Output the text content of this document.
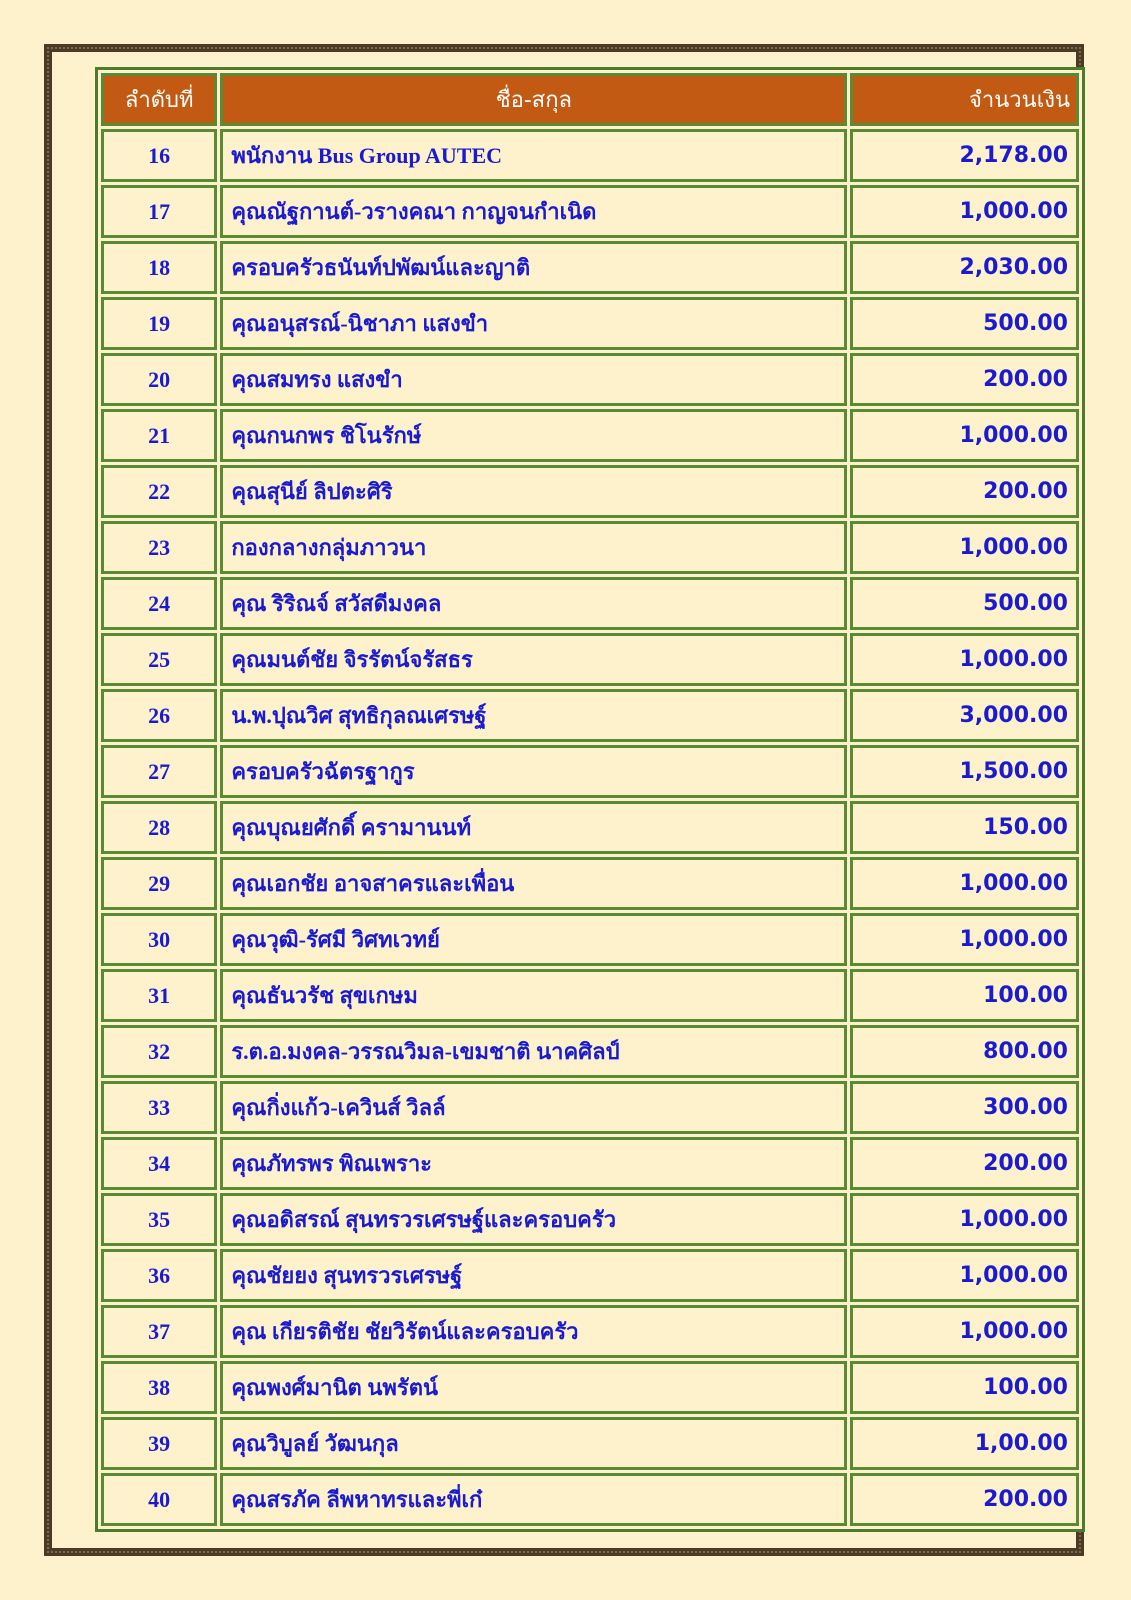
ลำดับที่	ชื่อ-สกุล	จำนวนเงิน
16	พนักงาน Bus Group AUTEC	2,178.00
17	คุณณัฐกานต์-วรางคณา กาญจนกำเนิด	1,000.00
18	ครอบครัวธนันท์ปพัฒน์และญาติ	2,030.00
19	คุณอนุสรณ์-นิชาภา แสงขำ	500.00
20	คุณสมทรง แสงขำ	200.00
21	คุณกนกพร ชิโนรักษ์	1,000.00
22	คุณสุนีย์ ลิปตะศิริ	200.00
23	กองกลางกลุ่มภาวนา	1,000.00
24	คุณ ริริณจ์ สวัสดีมงคล	500.00
25	คุณมนต์ชัย จิรรัตน์จรัสธร	1,000.00
26	น.พ.ปุณวิศ สุทธิกุลณเศรษฐ์	3,000.00
27	ครอบครัวฉัตรฐากูร	1,500.00
28	คุณบุณยศักดิ์ ครามานนท์	150.00
29	คุณเอกชัย อาจสาครและเพื่อน	1,000.00
30	คุณวุฒิ-รัศมี วิศทเวทย์	1,000.00
31	คุณธันวรัช สุขเกษม	100.00
32	ร.ต.อ.มงคล-วรรณวิมล-เขมชาติ นาคศิลป์	800.00
33	คุณกิ่งแก้ว-เควินส์ วิลล์	300.00
34	คุณภัทรพร พิณเพราะ	200.00
35	คุณอดิสรณ์ สุนทรวรเศรษฐ์และครอบครัว	1,000.00
36	คุณชัยยง สุนทรวรเศรษฐ์	1,000.00
37	คุณ เกียรติชัย ชัยวิรัตน์และครอบครัว	1,000.00
38	คุณพงศ์มานิต นพรัตน์	100.00
39	คุณวิบูลย์ วัฒนกุล	1,00.00
40	คุณสรภัค ลีพหาทรและพี่เก๋	200.00
